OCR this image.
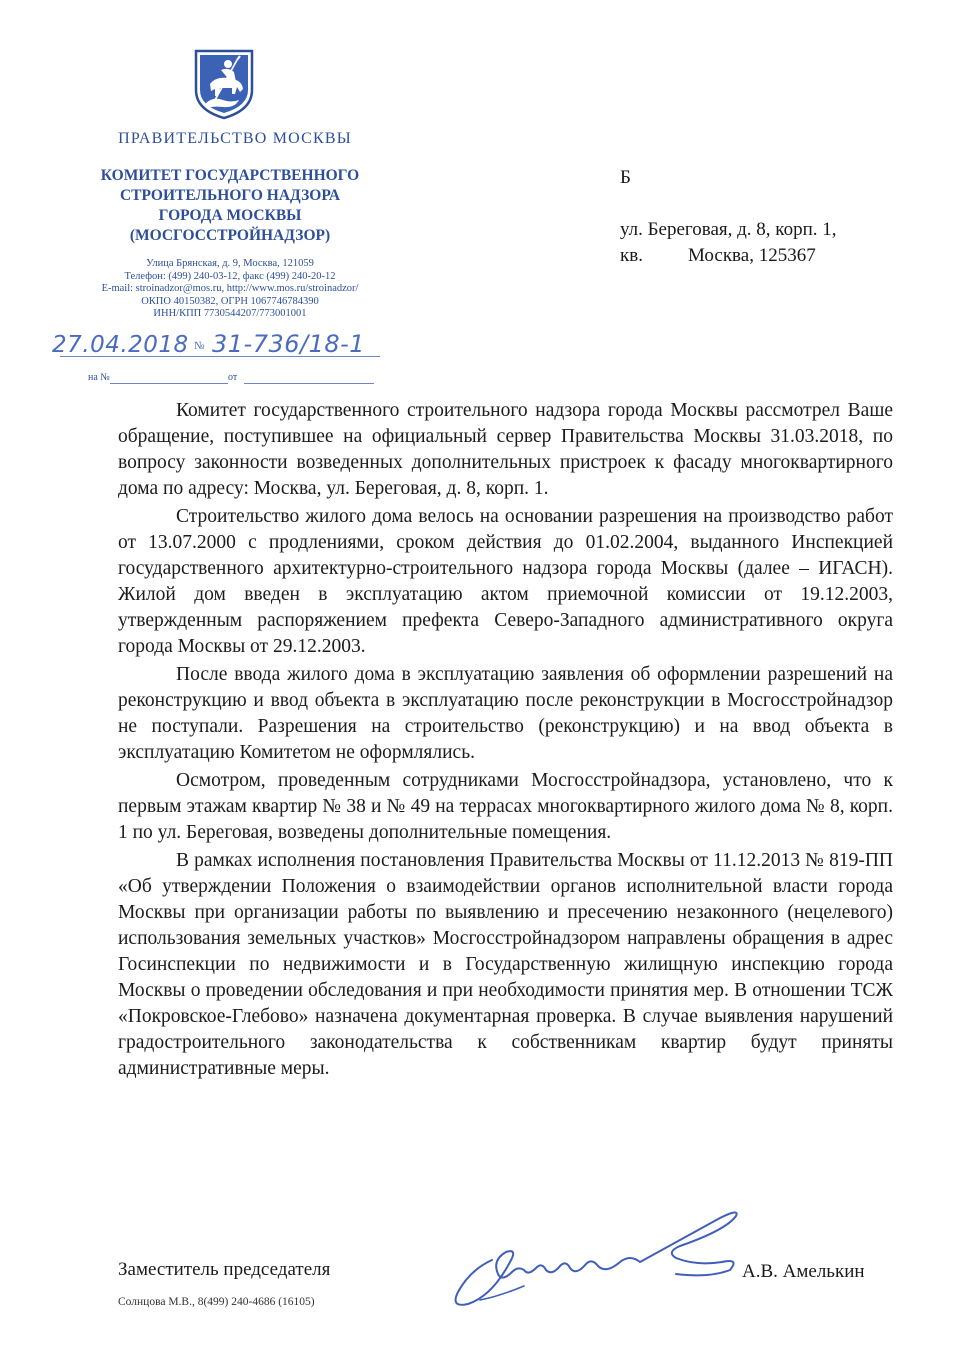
ПРАВИТЕЛЬСТВО МОСКВЫ
КОМИТЕТ ГОСУДАРСТВЕННОГО
СТРОИТЕЛЬНОГО НАДЗОРА
ГОРОДА МОСКВЫ
(МОСГОССТРОЙНАДЗОР)
Улица Брянская, д. 9, Москва, 121059
Телефон: (499) 240-03-12, факс (499) 240-20-12
E-mail: stroinadzor@mos.ru, http://www.mos.ru/stroinadzor/
ОКПО 40150382, ОГРН 1067746784390
ИНН/КПП 7730544207/773001001
27.04.2018 № 31-736/18-1
на №	от
Б
ул. Береговая, д. 8, корп. 1,
кв. Москва, 125367

Комитет государственного строительного надзора города Москвы рассмотрел Ваше обращение, поступившее на официальный сервер Правительства Москвы 31.03.2018, по вопросу законности возведенных дополнительных пристроек к фасаду многоквартирного дома по адресу: Москва, ул. Береговая, д. 8, корп. 1.

Строительство жилого дома велось на основании разрешения на производство работ от 13.07.2000 с продлениями, сроком действия до 01.02.2004, выданного Инспекцией государственного архитектурно-строительного надзора города Москвы (далее – ИГАСН). Жилой дом введен в эксплуатацию актом приемочной комиссии от 19.12.2003, утвержденным распоряжением префекта Северо-Западного административного округа города Москвы от 29.12.2003.

После ввода жилого дома в эксплуатацию заявления об оформлении разрешений на реконструкцию и ввод объекта в эксплуатацию после реконструкции в Мосгосстройнадзор не поступали. Разрешения на строительство (реконструкцию) и на ввод объекта в эксплуатацию Комитетом не оформлялись.

Осмотром, проведенным сотрудниками Мосгосстройнадзора, установлено, что к первым этажам квартир № 38 и № 49 на террасах многоквартирного жилого дома № 8, корп. 1 по ул. Береговая, возведены дополнительные помещения.

В рамках исполнения постановления Правительства Москвы от 11.12.2013 № 819-ПП «Об утверждении Положения о взаимодействии органов исполнительной власти города Москвы при организации работы по выявлению и пресечению незаконного (нецелевого) использования земельных участков» Мосгосстройнадзором направлены обращения в адрес Госинспекции по недвижимости и в Государственную жилищную инспекцию города Москвы о проведении обследования и при необходимости принятия мер. В отношении ТСЖ «Покровское-Глебово» назначена документарная проверка. В случае выявления нарушений градостроительного законодательства к собственникам квартир будут приняты административные меры.

Заместитель председателя	А.В. Амелькин
Солнцова М.В., 8(499) 240-4686 (16105)
